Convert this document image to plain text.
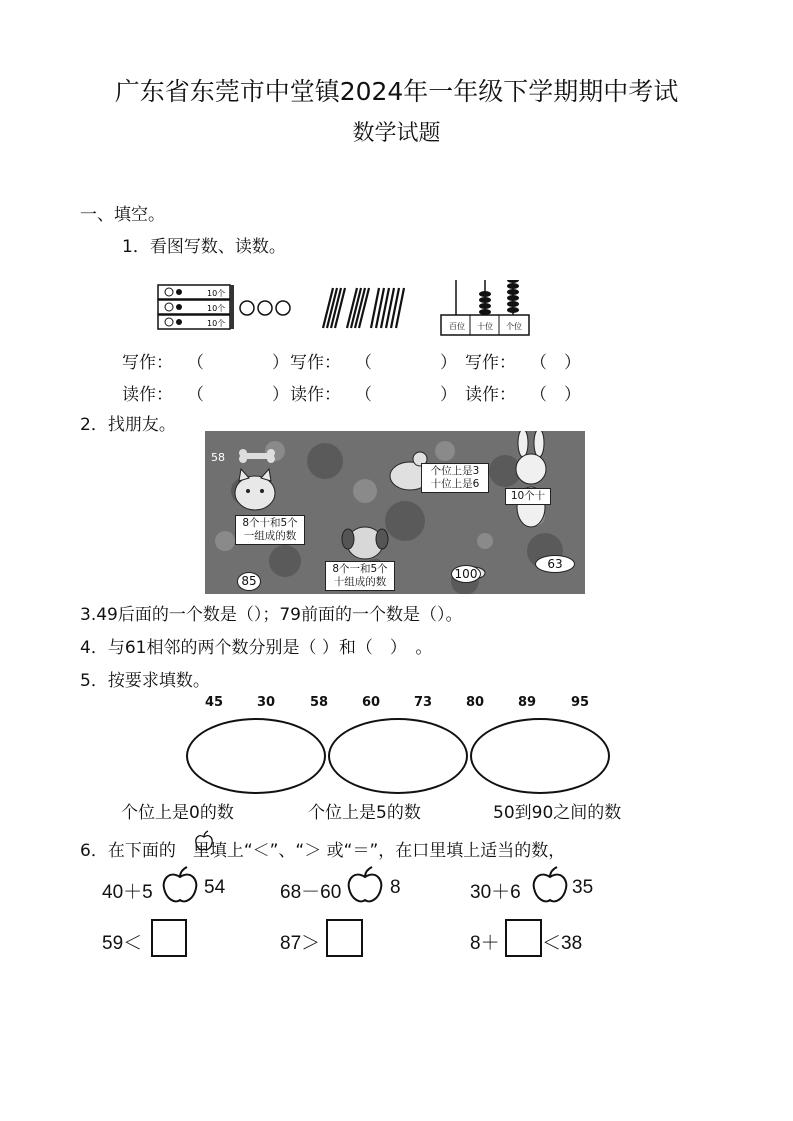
广东省东莞市中堂镇2024年一年级下学期期中考试
数学试题
一、填空。
1．看图写数、读数。
10个
10个
10个	百位 十位 个位
写作： （　　　　） 写作： （　　　　） 写作： （　）
读作： （　　　　） 读作： （　　　　） 读作： （　）
2．找朋友。
58
个位上是3
十位上是6
10个十
8个十和5个
一组成的数
8个一和5个
十组成的数
85	100
63
3.49后面的一个数是（）；79前面的一个数是（）。
4．与61相邻的两个数分别是（ ）和（　）　。
5．按要求填数。
45	30	58	60	73	80	89	95
个位上是0的数	个位上是5的数	50到90之间的数
6．在下面的　里填上“＜”、“＞ 或“＝”，在口里填上适当的数，
40＋5	54	68－60	8	30＋6	35
59＜	87＞	8＋ ＜38
